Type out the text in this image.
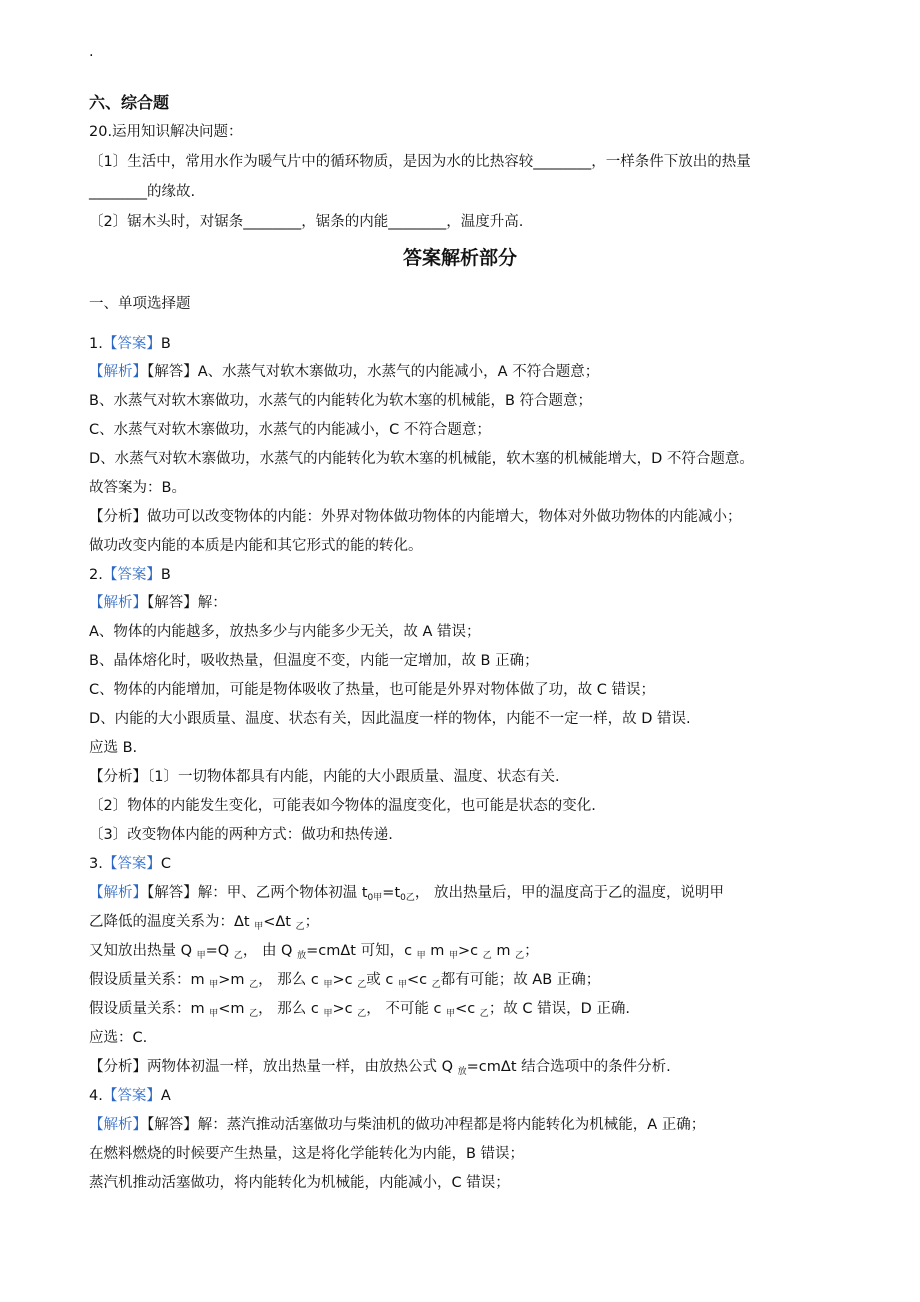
.
六、综合题
20.运用知识解决问题：
〔1〕生活中，常用水作为暖气片中的循环物质，是因为水的比热容较________，一样条件下放出的热量
________的缘故.
〔2〕锯木头时，对锯条________，锯条的内能________，温度升高.
答案解析部分
一、单项选择题
1.【答案】B
【解析】【解答】A、水蒸气对软木寨做功，水蒸气的内能减小，A 不符合题意；
B、水蒸气对软木寨做功，水蒸气的内能转化为软木塞的机械能，B 符合题意；
C、水蒸气对软木寨做功，水蒸气的内能减小，C 不符合题意；
D、水蒸气对软木寨做功，水蒸气的内能转化为软木塞的机械能，软木塞的机械能增大，D 不符合题意。
故答案为：B。
【分析】做功可以改变物体的内能：外界对物体做功物体的内能增大，物体对外做功物体的内能减小；
做功改变内能的本质是内能和其它形式的能的转化。
2.【答案】B
【解析】【解答】解：
A、物体的内能越多，放热多少与内能多少无关，故 A 错误；
B、晶体熔化时，吸收热量，但温度不变，内能一定增加，故 B 正确；
C、物体的内能增加，可能是物体吸收了热量，也可能是外界对物体做了功，故 C 错误；
D、内能的大小跟质量、温度、状态有关，因此温度一样的物体，内能不一定一样，故 D 错误.
应选 B.
【分析】〔1〕一切物体都具有内能，内能的大小跟质量、温度、状态有关.
〔2〕物体的内能发生变化，可能表如今物体的温度变化，也可能是状态的变化.
〔3〕改变物体内能的两种方式：做功和热传递.
3.【答案】C
【解析】【解答】解：甲、乙两个物体初温 $t_{0甲}=t_{0乙}$， 放出热量后，甲的温度高于乙的温度，说明甲
乙降低的温度关系为：Δt $_甲$<Δt $_乙$；
又知放出热量 Q $_甲$=Q $_乙$， 由 Q $_放$=cmΔt 可知，c $_甲$ m $_甲$>c $_乙$ m $_乙$；
假设质量关系：m $_甲$>m $_乙$， 那么 c $_甲$>c $_乙$或 c $_甲$<c $_乙$都有可能；故 AB 正确；
假设质量关系：m $_甲$<m $_乙$， 那么 c $_甲$>c $_乙$， 不可能 c $_甲$<c $_乙$；故 C 错误，D 正确.
应选：C.
【分析】两物体初温一样，放出热量一样，由放热公式 Q $_放$=cmΔt 结合选项中的条件分析.
4.【答案】A
【解析】【解答】解：蒸汽推动活塞做功与柴油机的做功冲程都是将内能转化为机械能，A 正确；
在燃料燃烧的时候要产生热量，这是将化学能转化为内能，B 错误；
蒸汽机推动活塞做功，将内能转化为机械能，内能减小，C 错误；
